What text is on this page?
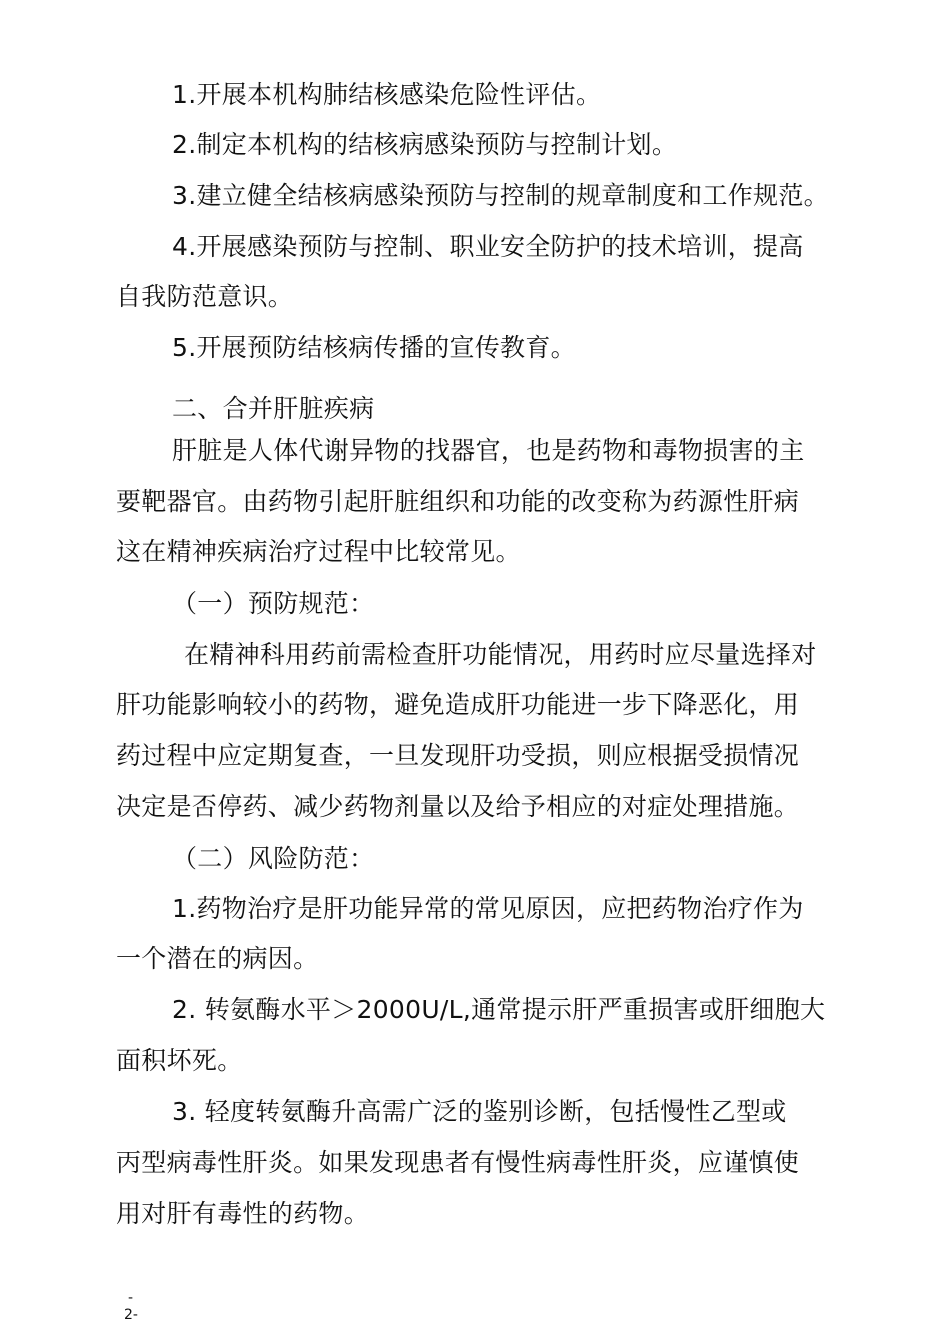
1.开展本机构肺结核感染危险性评估。
2.制定本机构的结核病感染预防与控制计划。
3.建立健全结核病感染预防与控制的规章制度和工作规范。
4.开展感染预防与控制、职业安全防护的技术培训，提高
自我防范意识。
5.开展预防结核病传播的宣传教育。
二、合并肝脏疾病
肝脏是人体代谢异物的找器官，也是药物和毒物损害的主
要靶器官。由药物引起肝脏组织和功能的改变称为药源性肝病
这在精神疾病治疗过程中比较常见。
（一）预防规范：
在精神科用药前需检查肝功能情况，用药时应尽量选择对
肝功能影响较小的药物，避免造成肝功能进一步下降恶化，用
药过程中应定期复查，一旦发现肝功受损，则应根据受损情况
决定是否停药、减少药物剂量以及给予相应的对症处理措施。
（二）风险防范：
1.药物治疗是肝功能异常的常见原因，应把药物治疗作为
一个潜在的病因。
2. 转氨酶水平＞2000U/L,通常提示肝严重损害或肝细胞大
面积坏死。
3. 轻度转氨酶升高需广泛的鉴别诊断，包括慢性乙型或
丙型病毒性肝炎。如果发现患者有慢性病毒性肝炎，应谨慎使
用对肝有毒性的药物。
-
2-
